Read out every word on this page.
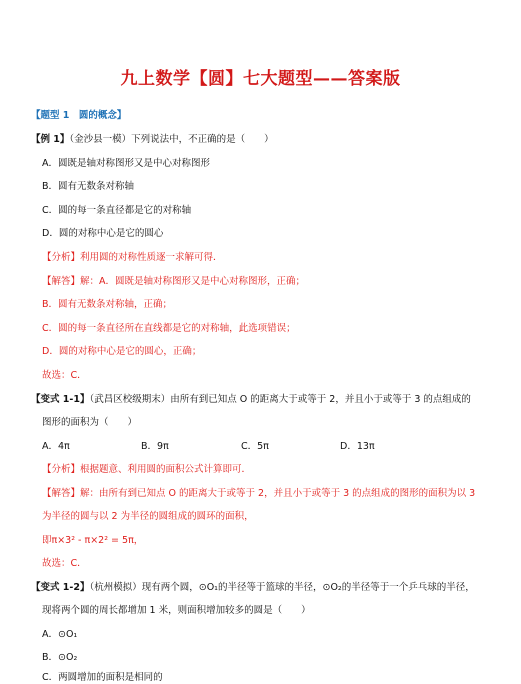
九上数学【圆】七大题型——答案版
【题型 1　圆的概念】
【例 1】（金沙县一模）下列说法中，不正确的是（　　）
A．圆既是轴对称图形又是中心对称图形
B．圆有无数条对称轴
C．圆的每一条直径都是它的对称轴
D．圆的对称中心是它的圆心
【分析】利用圆的对称性质逐一求解可得．
【解答】解：A．圆既是轴对称图形又是中心对称图形，正确；
B．圆有无数条对称轴，正确；
C．圆的每一条直径所在直线都是它的对称轴，此选项错误；
D．圆的对称中心是它的圆心，正确；
故选：C．
【变式 1-1】（武昌区校级期末）由所有到已知点 O 的距离大于或等于 2，并且小于或等于 3 的点组成的
图形的面积为（　　）
A．4π	B．9π	C．5π	D．13π
【分析】根据题意、利用圆的面积公式计算即可．
【解答】解：由所有到已知点 O 的距离大于或等于 2，并且小于或等于 3 的点组成的图形的面积为以 3
为半径的圆与以 2 为半径的圆组成的圆环的面积，
即π×3² - π×2² = 5π，
故选：C．
【变式 1-2】（杭州模拟）现有两个圆，⊙O₁的半径等于篮球的半径，⊙O₂的半径等于一个乒乓球的半径，
现将两个圆的周长都增加 1 米，则面积增加较多的圆是（　　）
A．⊙O₁
B．⊙O₂
C．两圆增加的面积是相同的
